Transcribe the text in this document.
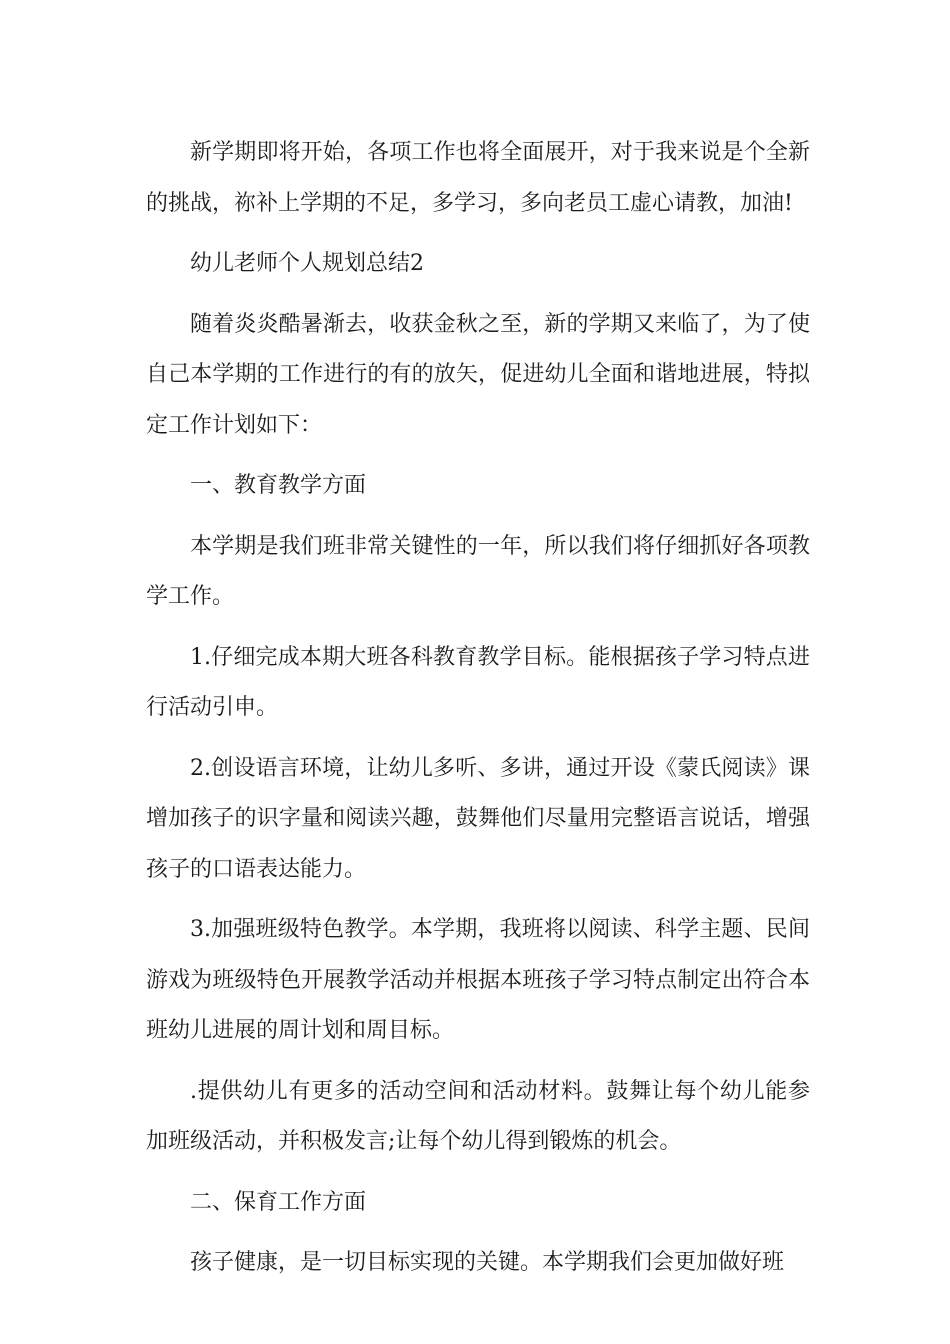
新学期即将开始，各项工作也将全面展开，对于我来说是个全新的挑战，祢补上学期的不足，多学习，多向老员工虚心请教，加油!

幼儿老师个人规划总结2

随着炎炎酷暑渐去，收获金秋之至，新的学期又来临了，为了使自己本学期的工作进行的有的放矢，促进幼儿全面和谐地进展，特拟定工作计划如下：

一、教育教学方面

本学期是我们班非常关键性的一年，所以我们将仔细抓好各项教学工作。

1.仔细完成本期大班各科教育教学目标。能根据孩子学习特点进行活动引申。

2.创设语言环境，让幼儿多听、多讲，通过开设《蒙氏阅读》课增加孩子的识字量和阅读兴趣，鼓舞他们尽量用完整语言说话，增强孩子的口语表达能力。

3.加强班级特色教学。本学期，我班将以阅读、科学主题、民间游戏为班级特色开展教学活动并根据本班孩子学习特点制定出符合本班幼儿进展的周计划和周目标。

.提供幼儿有更多的活动空间和活动材料。鼓舞让每个幼儿能参加班级活动，并积极发言;让每个幼儿得到锻炼的机会。

二、保育工作方面

孩子健康，是一切目标实现的关键。本学期我们会更加做好班
